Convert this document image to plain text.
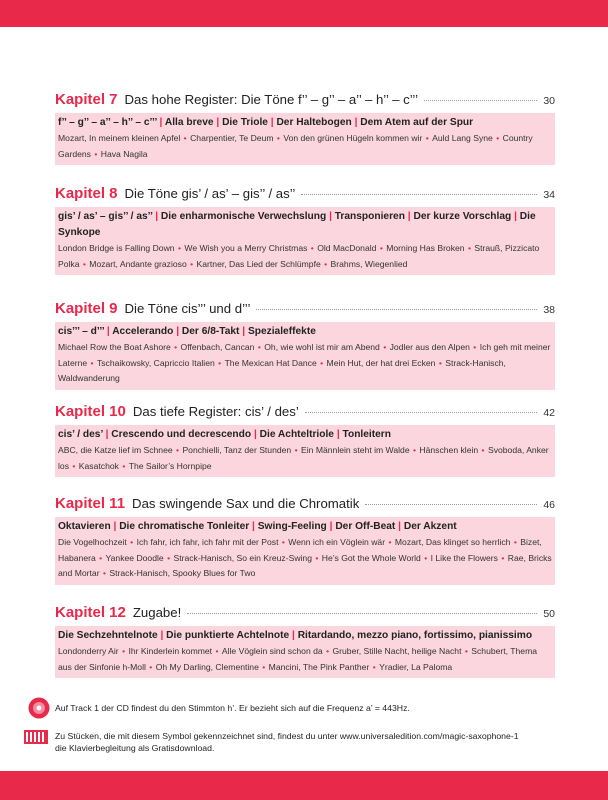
Kapitel 7 Das hohe Register: Die Töne f’’ – g’’ – a’’ – h’’ – c’’’	30
f’’ – g’’ – a’’ – h’’ – c’’’ | Alla breve | Die Triole | Der Haltebogen | Dem Atem auf der Spur
Mozart, In meinem kleinen Apfel • Charpentier, Te Deum • Von den grünen Hügeln kommen wir • Auld Lang Syne • Country Gardens • Hava Nagila
Kapitel 8 Die Töne gis’ / as’ – gis’’ / as’’	34
gis’ / as’ – gis’’ / as’’ | Die enharmonische Verwechslung | Transponieren | Der kurze Vorschlag | Die Synkope
London Bridge is Falling Down • We Wish you a Merry Christmas • Old MacDonald • Morning Has Broken • Strauß, Pizzicato Polka • Mozart, Andante grazioso • Kartner, Das Lied der Schlümpfe • Brahms, Wiegenlied
Kapitel 9 Die Töne cis’’’ und d’’’	38
cis’’’ – d’’’ | Accelerando | Der 6/8-Takt | Spezialeffekte
Michael Row the Boat Ashore • Offenbach, Cancan • Oh, wie wohl ist mir am Abend • Jodler aus den Alpen • Ich geh mit meiner Laterne • Tschaikowsky, Capriccio Italien • The Mexican Hat Dance • Mein Hut, der hat drei Ecken • Strack-Hanisch, Waldwanderung
Kapitel 10 Das tiefe Register: cis’ / des’	42
cis’ / des’ | Crescendo und decrescendo | Die Achteltriole | Tonleitern
ABC, die Katze lief im Schnee • Ponchielli, Tanz der Stunden • Ein Männlein steht im Walde • Hänschen klein • Svoboda, Anker los • Kasatchok • The Sailor’s Hornpipe
Kapitel 11 Das swingende Sax und die Chromatik	46
Oktavieren | Die chromatische Tonleiter | Swing-Feeling | Der Off-Beat | Der Akzent
Die Vogelhochzeit • Ich fahr, ich fahr, ich fahr mit der Post • Wenn ich ein Vöglein wär • Mozart, Das klinget so herrlich • Bizet, Habanera • Yankee Doodle • Strack-Hanisch, So ein Kreuz-Swing • He’s Got the Whole World • I Like the Flowers • Rae, Bricks and Mortar • Strack-Hanisch, Spooky Blues for Two
Kapitel 12 Zugabe!	50
Die Sechzehntelnote | Die punktierte Achtelnote | Ritardando, mezzo piano, fortissimo, pianissimo
Londonderry Air • Ihr Kinderlein kommet • Alle Vöglein sind schon da • Gruber, Stille Nacht, heilige Nacht • Schubert, Thema aus der Sinfonie h-Moll • Oh My Darling, Clementine • Mancini, The Pink Panther • Yradier, La Paloma
Auf Track 1 der CD findest du den Stimmton h’. Er bezieht sich auf die Frequenz a’ = 443Hz.
Zu Stücken, die mit diesem Symbol gekennzeichnet sind, findest du unter www.universaledition.com/magic-saxophone-1
die Klavierbegleitung als Gratisdownload.
